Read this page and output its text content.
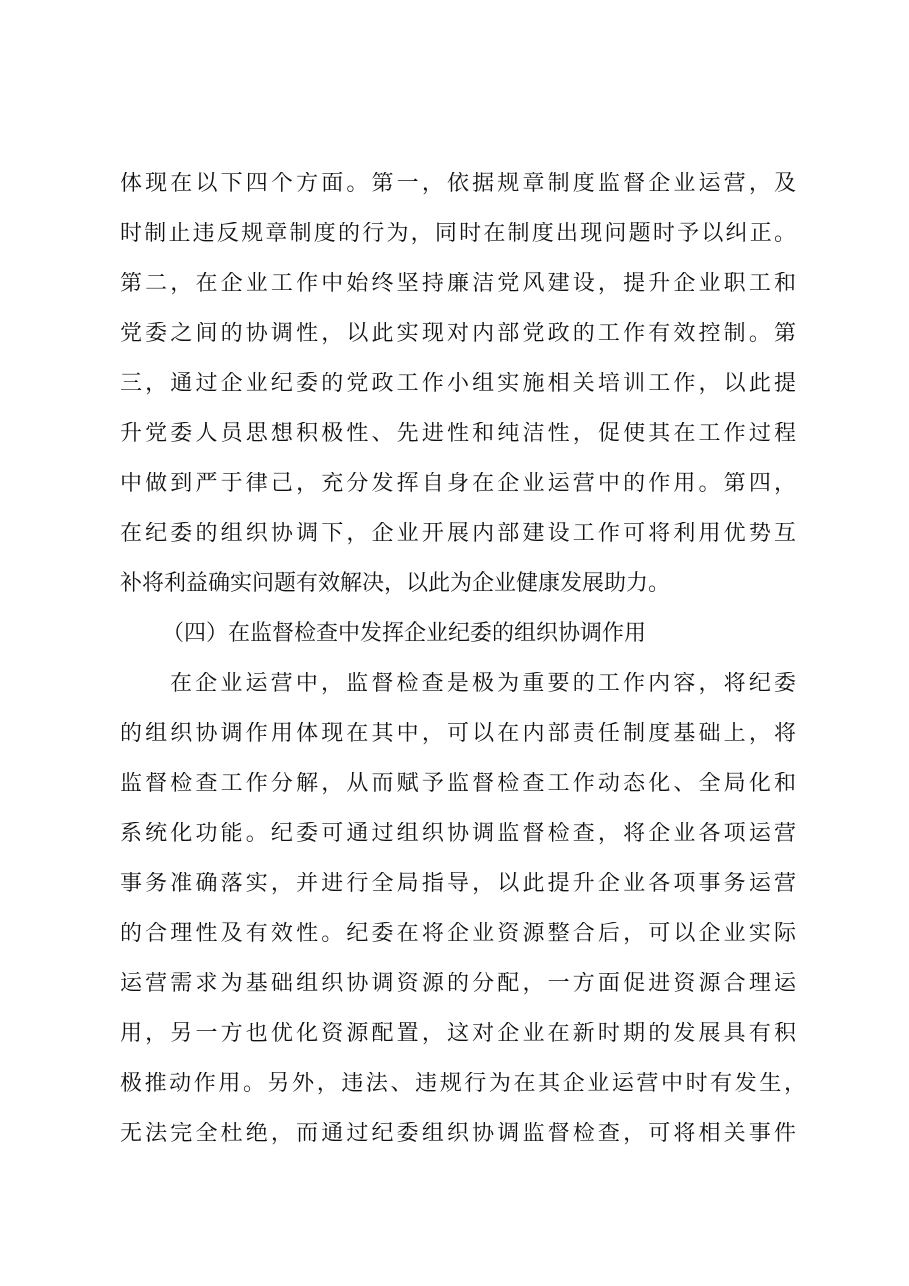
体现在以下四个方面。第一，依据规章制度监督企业运营，及
时制止违反规章制度的行为，同时在制度出现问题时予以纠正。
第二，在企业工作中始终坚持廉洁党风建设，提升企业职工和
党委之间的协调性，以此实现对内部党政的工作有效控制。第
三，通过企业纪委的党政工作小组实施相关培训工作，以此提
升党委人员思想积极性、先进性和纯洁性，促使其在工作过程
中做到严于律己，充分发挥自身在企业运营中的作用。第四，
在纪委的组织协调下，企业开展内部建设工作可将利用优势互
补将利益确实问题有效解决，以此为企业健康发展助力。
（四）在监督检查中发挥企业纪委的组织协调作用
在企业运营中，监督检查是极为重要的工作内容，将纪委
的组织协调作用体现在其中，可以在内部责任制度基础上，将
监督检查工作分解，从而赋予监督检查工作动态化、全局化和
系统化功能。纪委可通过组织协调监督检查，将企业各项运营
事务准确落实，并进行全局指导，以此提升企业各项事务运营
的合理性及有效性。纪委在将企业资源整合后，可以企业实际
运营需求为基础组织协调资源的分配，一方面促进资源合理运
用，另一方也优化资源配置，这对企业在新时期的发展具有积
极推动作用。另外，违法、违规行为在其企业运营中时有发生，
无法完全杜绝，而通过纪委组织协调监督检查，可将相关事件
